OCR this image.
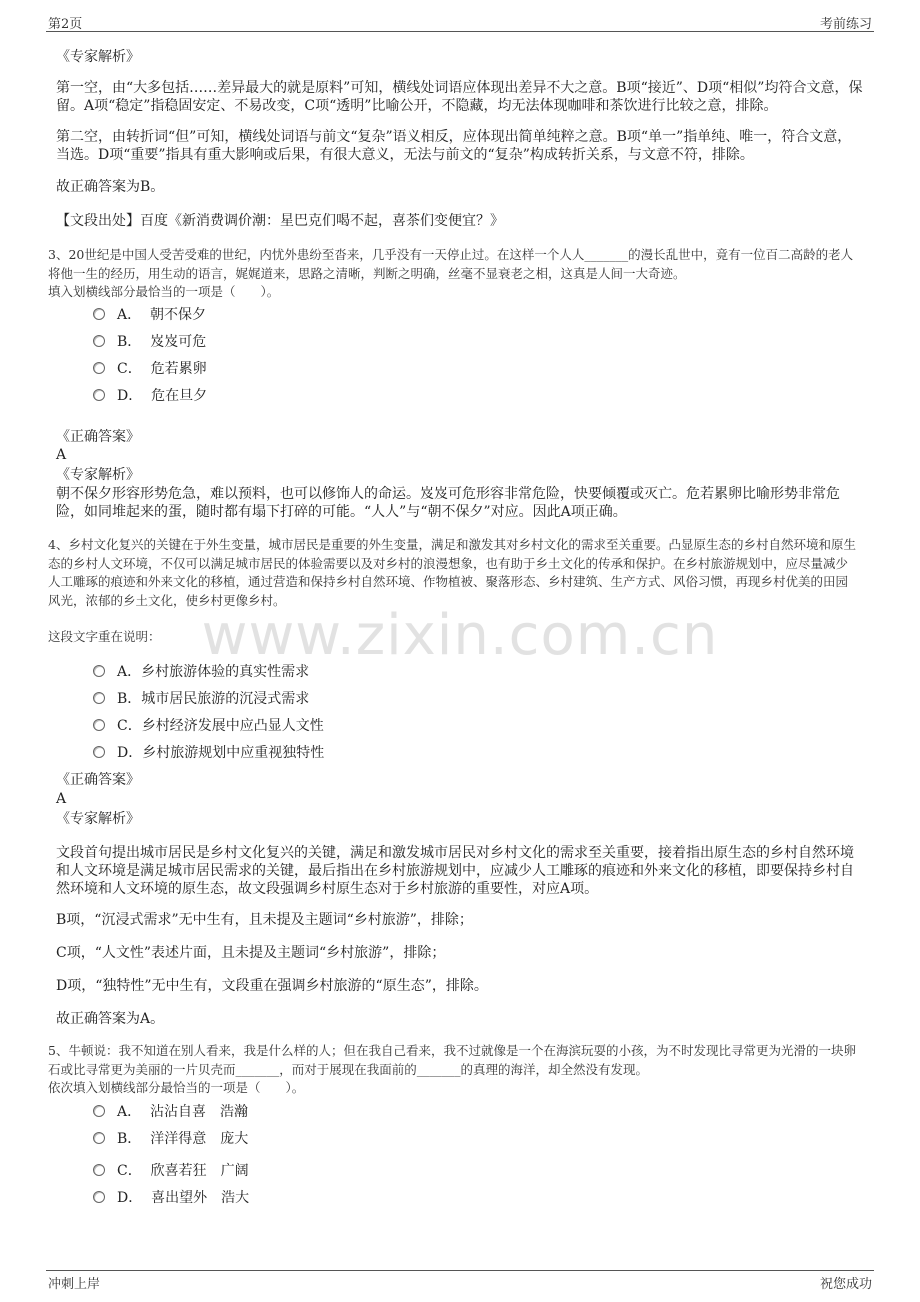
第2页	考前练习
www.zixin.com.cn
《专家解析》
第一空，由“大多包括……差异最大的就是原料”可知，横线处词语应体现出差异不大之意。B项“接近”、D项“相似”均符合文意，保留。A项“稳定”指稳固安定、不易改变，C项“透明”比喻公开，不隐藏，均无法体现咖啡和茶饮进行比较之意，排除。
第二空，由转折词“但”可知，横线处词语与前文“复杂”语义相反，应体现出简单纯粹之意。B项“单一”指单纯、唯一，符合文意，当选。D项“重要”指具有重大影响或后果，有很大意义，无法与前文的“复杂”构成转折关系，与文意不符，排除。
故正确答案为B。
【文段出处】百度《新消费调价潮：星巴克们喝不起，喜茶们变便宜？》
3、20世纪是中国人受苦受难的世纪，内忧外患纷至沓来，几乎没有一天停止过。在这样一个人人_______的漫长乱世中，竟有一位百二高龄的老人将他一生的经历，用生动的语言，娓娓道来，思路之清晰，判断之明确，丝毫不显衰老之相，这真是人间一大奇迹。
填入划横线部分最恰当的一项是（　　）。
A． 朝不保夕
B． 岌岌可危
C． 危若累卵
D． 危在旦夕
《正确答案》
A
《专家解析》
朝不保夕形容形势危急，难以预料，也可以修饰人的命运。岌岌可危形容非常危险，快要倾覆或灭亡。危若累卵比喻形势非常危险，如同堆起来的蛋，随时都有塌下打碎的可能。“人人”与“朝不保夕”对应。因此A项正确。
4、乡村文化复兴的关键在于外生变量，城市居民是重要的外生变量，满足和激发其对乡村文化的需求至关重要。凸显原生态的乡村自然环境和原生态的乡村人文环境，不仅可以满足城市居民的体验需要以及对乡村的浪漫想象，也有助于乡土文化的传承和保护。在乡村旅游规划中，应尽量减少人工雕琢的痕迹和外来文化的移植，通过营造和保持乡村自然环境、作物植被、聚落形态、乡村建筑、生产方式、风俗习惯，再现乡村优美的田园风光，浓郁的乡土文化，使乡村更像乡村。
这段文字重在说明：
A．乡村旅游体验的真实性需求
B．城市居民旅游的沉浸式需求
C．乡村经济发展中应凸显人文性
D．乡村旅游规划中应重视独特性
《正确答案》
A
《专家解析》
文段首句提出城市居民是乡村文化复兴的关键，满足和激发城市居民对乡村文化的需求至关重要，接着指出原生态的乡村自然环境和人文环境是满足城市居民需求的关键，最后指出在乡村旅游规划中，应减少人工雕琢的痕迹和外来文化的移植，即要保持乡村自然环境和人文环境的原生态，故文段强调乡村原生态对于乡村旅游的重要性，对应A项。
B项，“沉浸式需求”无中生有，且未提及主题词“乡村旅游”，排除；
C项，“人文性”表述片面，且未提及主题词“乡村旅游”，排除；
D项，“独特性”无中生有，文段重在强调乡村旅游的“原生态”，排除。
故正确答案为A。
5、牛顿说：我不知道在别人看来，我是什么样的人；但在我自己看来，我不过就像是一个在海滨玩耍的小孩，为不时发现比寻常更为光滑的一块卵石或比寻常更为美丽的一片贝壳而_______，而对于展现在我面前的_______的真理的海洋，却全然没有发现。
依次填入划横线部分最恰当的一项是（　　）。
A． 沾沾自喜　浩瀚
B． 洋洋得意　庞大
C． 欣喜若狂　广阔
D． 喜出望外　浩大
冲刺上岸	祝您成功
